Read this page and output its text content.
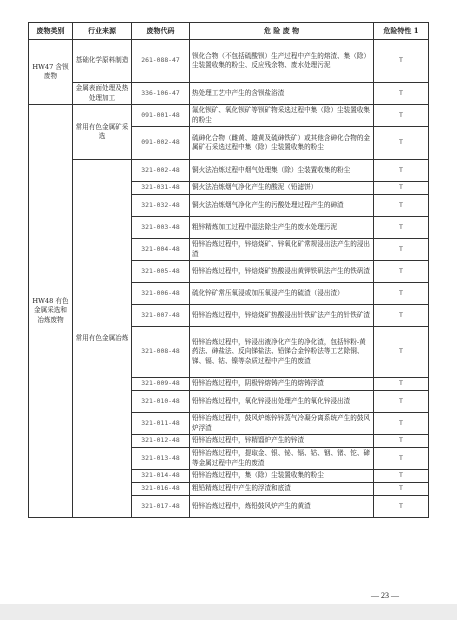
废物类别	行业来源	废物代码	危 险 废 物	危险特性 1
HW47 含钡废物	基础化学原料制造	261-088-47	钡化合物（不包括硫酸钡）生产过程中产生的熔渣、集（除）尘装置收集的粉尘、反应残余物、废水处理污泥	T
	金属表面处理及热处理加工	336-106-47	热处理工艺中产生的含钡盐浴渣	T
HW48 有色金属采选和冶炼废物	常用有色金属矿采选	091-001-48	氟化钡矿、氧化钡矿等钡矿物采选过程中集（除）尘装置收集的粉尘	T
		091-002-48	硫砷化合物（雌黄、雄黄及硫砷铁矿）或其他含砷化合物的金属矿石采选过程中集（除）尘装置收集的粉尘	T
	常用有色金属冶炼	321-002-48	铜火法冶炼过程中烟气处理集（除）尘装置收集的粉尘	T
		321-031-48	铜火法冶炼烟气净化产生的酸泥（铅滤饼）	T
		321-032-48	铜火法冶炼烟气净化产生的污酸处理过程产生的砷渣	T
		321-003-48	粗锌精炼加工过程中湿法除尘产生的废水处理污泥	T
		321-004-48	铅锌冶炼过程中，锌焙烧矿、锌氧化矿常规浸出法产生的浸出渣	T
		321-005-48	铅锌冶炼过程中，锌焙烧矿热酸浸出黄钾铁矾法产生的铁矾渣	T
		321-006-48	硫化锌矿常压氧浸或加压氧浸产生的硫渣（浸出渣）	T
		321-007-48	铅锌冶炼过程中，锌焙烧矿热酸浸出针铁矿法产生的针铁矿渣	T
		321-008-48	铅锌冶炼过程中，锌浸出液净化产生的净化渣，包括锌粉-黄药法、砷盐法、反向锑盐法、铅锑合金锌粉法等工艺除铜、锑、镉、钴、镍等杂质过程中产生的废渣	T
		321-009-48	铅锌冶炼过程中，阴极锌熔铸产生的熔铸浮渣	T
		321-010-48	铅锌冶炼过程中，氧化锌浸出处理产生的氧化锌浸出渣	T
		321-011-48	铅锌冶炼过程中，鼓风炉炼锌锌蒸气冷凝分离系统产生的鼓风炉浮渣	T
		321-012-48	铅锌冶炼过程中，锌精馏炉产生的锌渣	T
		321-013-48	铅锌冶炼过程中，提取金、银、铋、镉、钴、铟、锗、铊、碲等金属过程中产生的废渣	T
		321-014-48	铅锌冶炼过程中，集（除）尘装置收集的粉尘	T
		321-016-48	粗铅精炼过程中产生的浮渣和底渣	T
		321-017-48	铅锌冶炼过程中，炼铅鼓风炉产生的黄渣	T
— 23 —
